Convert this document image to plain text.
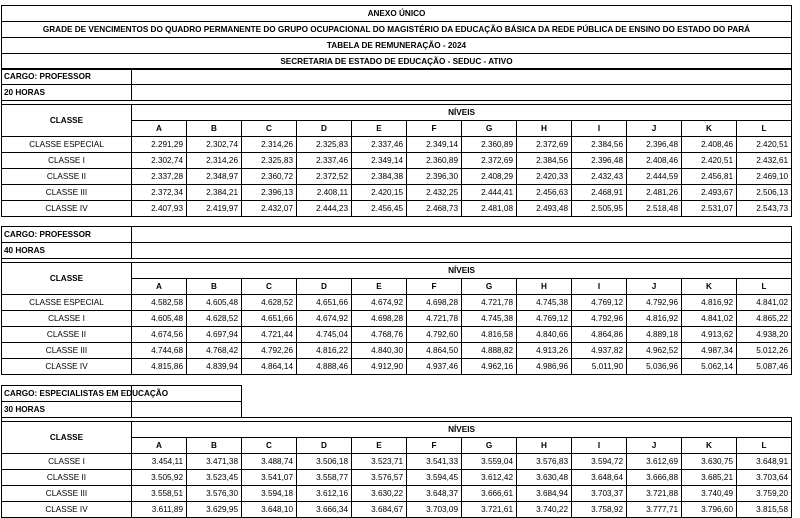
ANEXO ÚNICO
GRADE DE VENCIMENTOS DO QUADRO PERMANENTE DO GRUPO OCUPACIONAL DO MAGISTÉRIO DA EDUCAÇÃO BÁSICA DA REDE PÚBLICA DE ENSINO DO ESTADO DO PARÁ
TABELA DE REMUNERAÇÃO - 2024
SECRETARIA DE ESTADO DE EDUCAÇÃO - SEDUC - ATIVO
CARGO: PROFESSOR												
20 HORAS												

CLASSE	NÍVEIS											
	A	B	C	D	E	F	G	H	I	J	K	L
CLASSE ESPECIAL	2.291,29	2.302,74	2.314,26	2.325,83	2.337,46	2.349,14	2.360,89	2.372,69	2.384,56	2.396,48	2.408,46	2.420,51
CLASSE I	2.302,74	2.314,26	2.325,83	2.337,46	2.349,14	2.360,89	2.372,69	2.384,56	2.396,48	2.408,46	2.420,51	2.432,61
CLASSE II	2.337,28	2.348,97	2.360,72	2.372,52	2.384,38	2.396,30	2.408,29	2.420,33	2.432,43	2.444,59	2.456,81	2.469,10
CLASSE III	2.372,34	2.384,21	2.396,13	2.408,11	2.420,15	2.432,25	2.444,41	2.456,63	2.468,91	2.481,26	2.493,67	2.506,13
CLASSE IV	2.407,93	2.419,97	2.432,07	2.444,23	2.456,45	2.468,73	2.481,08	2.493,48	2.505,95	2.518,48	2.531,07	2.543,73
CARGO: PROFESSOR												
40 HORAS												

CLASSE	NÍVEIS											
	A	B	C	D	E	F	G	H	I	J	K	L
CLASSE ESPECIAL	4.582,58	4.605,48	4.628,52	4.651,66	4.674,92	4.698,28	4.721,78	4.745,38	4.769,12	4.792,96	4.816,92	4.841,02
CLASSE I	4.605,48	4.628,52	4.651,66	4.674,92	4.698,28	4.721,78	4.745,38	4.769,12	4.792,96	4.816,92	4.841,02	4.865,22
CLASSE II	4.674,56	4.697,94	4.721,44	4.745,04	4.768,76	4.792,60	4.816,58	4.840,66	4.864,86	4.889,18	4.913,62	4.938,20
CLASSE III	4.744,68	4.768,42	4.792,26	4.816,22	4.840,30	4.864,50	4.888,82	4.913,26	4.937,82	4.962,52	4.987,34	5.012,26
CLASSE IV	4.815,86	4.839,94	4.864,14	4.888,46	4.912,90	4.937,46	4.962,16	4.986,96	5.011,90	5.036,96	5.062,14	5.087,46
CARGO: ESPECIALISTAS EM EDUCAÇÃO												
30 HORAS												

CLASSE	NÍVEIS											
	A	B	C	D	E	F	G	H	I	J	K	L
CLASSE I	3.454,11	3.471,38	3.488,74	3.506,18	3.523,71	3.541,33	3.559,04	3.576,83	3.594,72	3.612,69	3.630,75	3.648,91
CLASSE II	3.505,92	3.523,45	3.541,07	3.558,77	3.576,57	3.594,45	3.612,42	3.630,48	3.648,64	3.666,88	3.685,21	3.703,64
CLASSE III	3.558,51	3.576,30	3.594,18	3.612,16	3.630,22	3.648,37	3.666,61	3.684,94	3.703,37	3.721,88	3.740,49	3.759,20
CLASSE IV	3.611,89	3.629,95	3.648,10	3.666,34	3.684,67	3.703,09	3.721,61	3.740,22	3.758,92	3.777,71	3.796,60	3.815,58
